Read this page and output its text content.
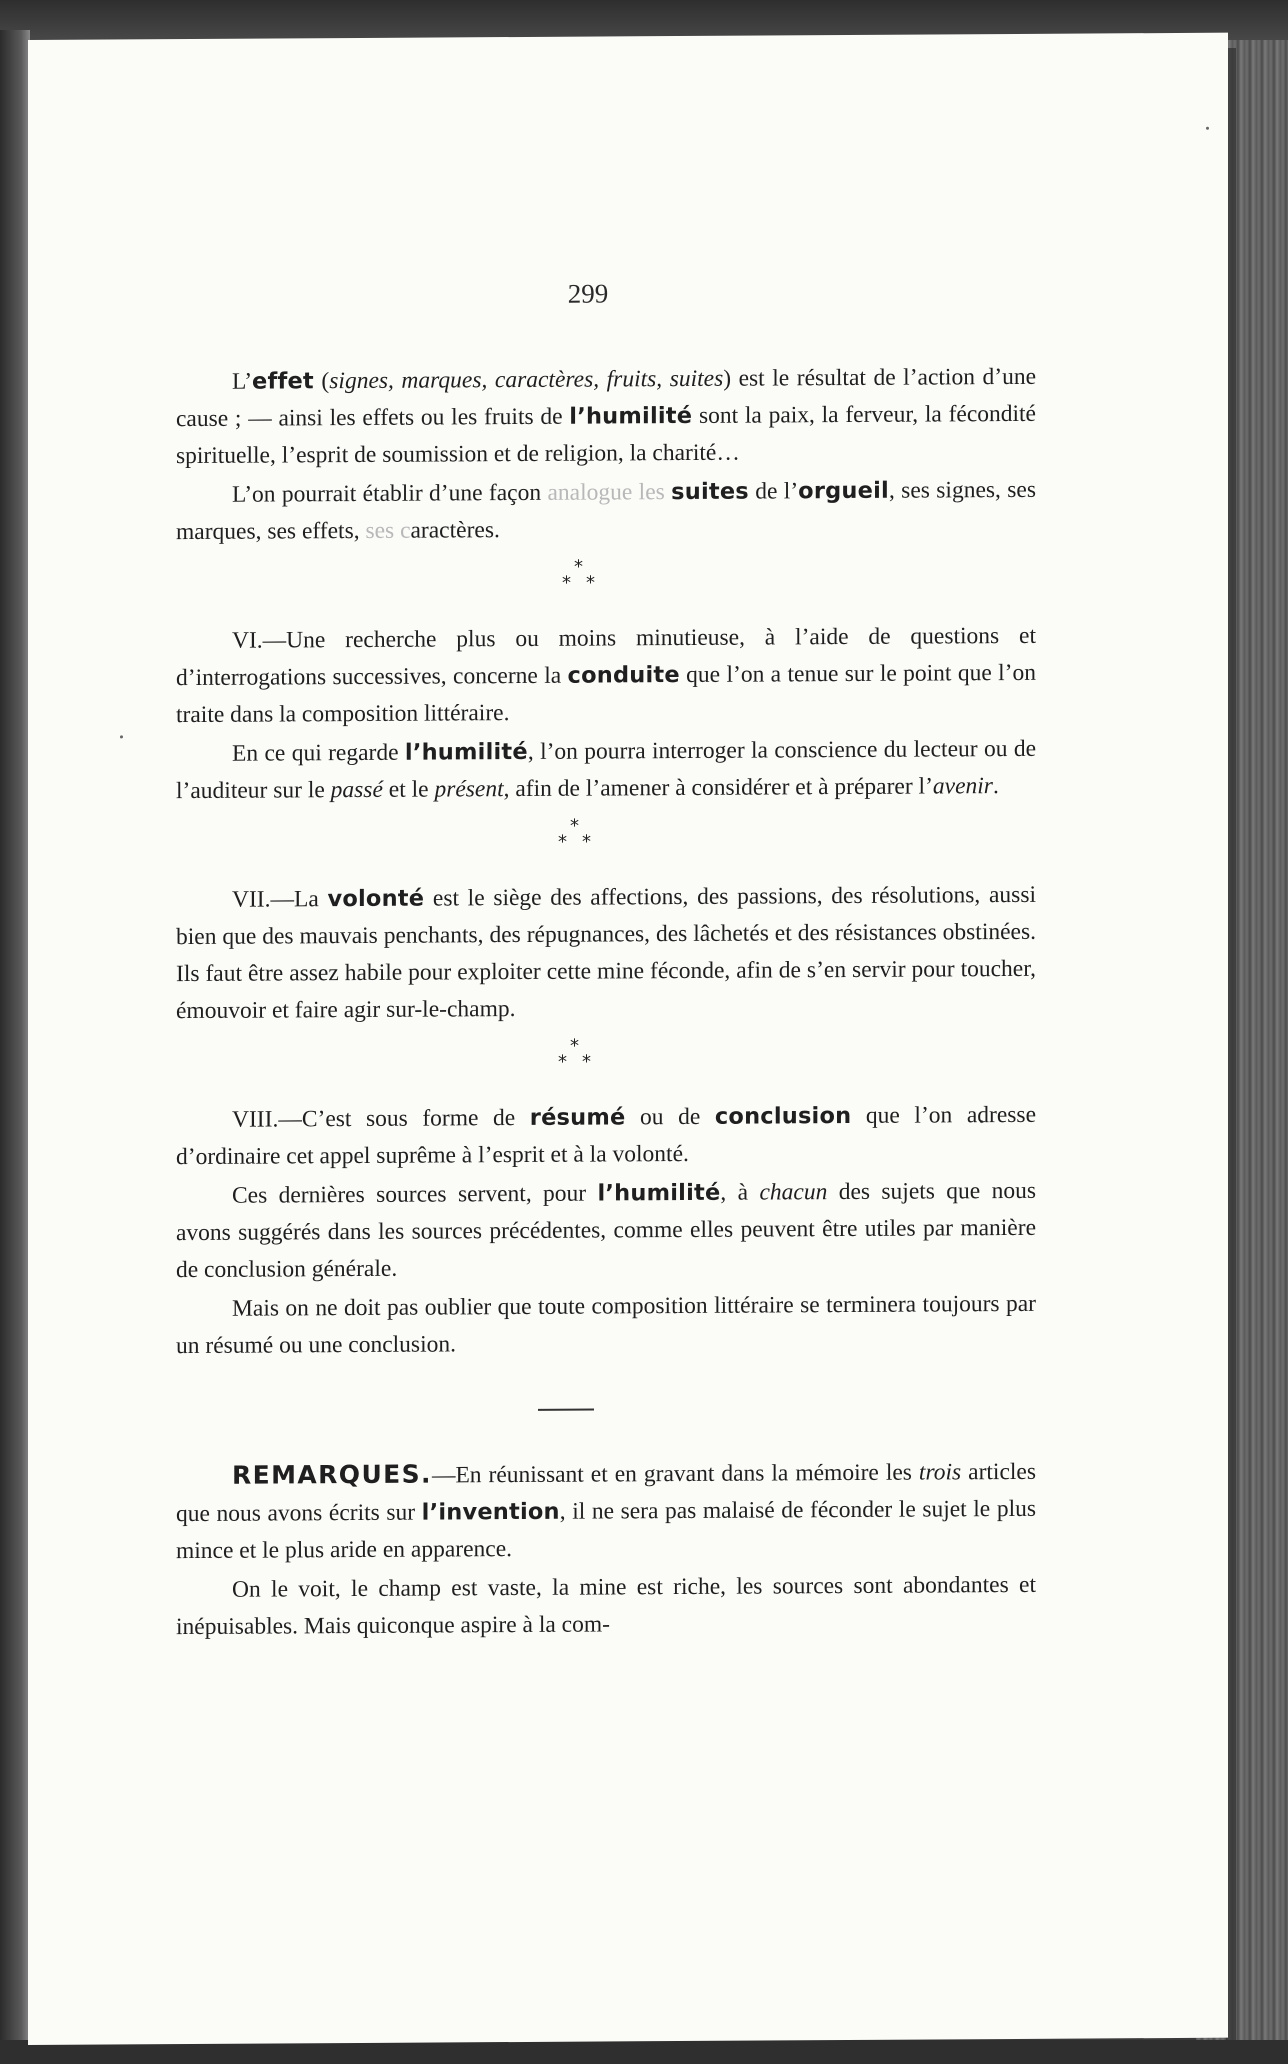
299

L’effet (signes, marques, caractères, fruits, suites) est le résultat de l’action d’une cause ; — ainsi les effets ou les fruits de l’humilité sont la paix, la ferveur, la fécondité spirituelle, l’esprit de soumission et de religion, la charité…

L’on pourrait établir d’une façon analogue les suites de l’orgueil, ses signes, ses marques, ses effets, ses caractères.

*
* *

VI.—Une recherche plus ou moins minutieuse, à l’aide de questions et d’interrogations successives, concerne la conduite que l’on a tenue sur le point que l’on traite dans la composition littéraire.

En ce qui regarde l’humilité, l’on pourra interroger la conscience du lecteur ou de l’auditeur sur le passé et le présent, afin de l’amener à considérer et à préparer l’avenir.

*
* *

VII.—La volonté est le siège des affections, des passions, des résolutions, aussi bien que des mauvais penchants, des répugnances, des lâchetés et des résistances obstinées. Ils faut être assez habile pour exploiter cette mine féconde, afin de s’en servir pour toucher, émouvoir et faire agir sur-le-champ.

*
* *

VIII.—C’est sous forme de résumé ou de conclusion que l’on adresse d’ordinaire cet appel suprême à l’esprit et à la volonté.

Ces dernières sources servent, pour l’humilité, à chacun des sujets que nous avons suggérés dans les sources précédentes, comme elles peuvent être utiles par manière de conclusion générale.

Mais on ne doit pas oublier que toute composition littéraire se terminera toujours par un résumé ou une conclusion.

REMARQUES.—En réunissant et en gravant dans la mémoire les trois articles que nous avons écrits sur l’invention, il ne sera pas malaisé de féconder le sujet le plus mince et le plus aride en apparence.

On le voit, le champ est vaste, la mine est riche, les sources sont abondantes et inépuisables. Mais quiconque aspire à la com-
